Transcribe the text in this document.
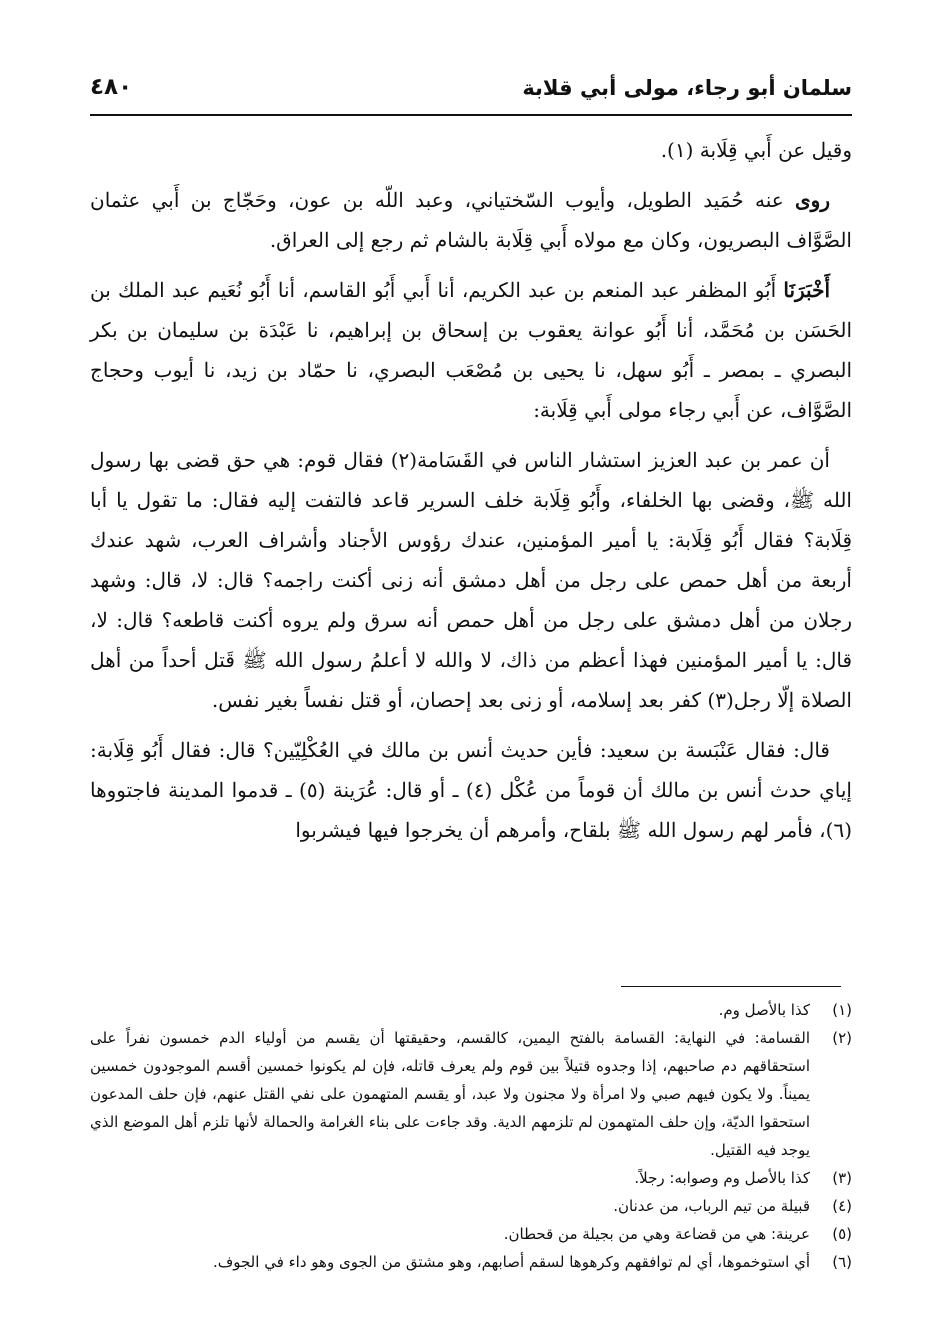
سلمان أبو رجاء، مولى أبي قلابة
٤٨٠

وقيل عن أَبي قِلَابة (١).

روى عنه حُمَيد الطويل، وأيوب السّختياني، وعبد اللّه بن عون، وحَجّاج بن أَبي عثمان الصَّوَّاف البصريون، وكان مع مولاه أَبي قِلَابة بالشام ثم رجع إلى العراق.

أَخْبَرَنَا أَبُو المظفر عبد المنعم بن عبد الكريم، أنا أَبي أَبُو القاسم، أنا أَبُو نُعَيم عبد الملك بن الحَسَن بن مُحَمَّد، أنا أَبُو عوانة يعقوب بن إسحاق بن إبراهيم، نا عَبْدَة بن سليمان بن بكر البصري ـ بمصر ـ أَبُو سهل، نا يحيى بن مُصْعَب البصري، نا حمّاد بن زيد، نا أيوب وحجاج الصَّوَّاف، عن أَبي رجاء مولى أَبي قِلَابة:

أن عمر بن عبد العزيز استشار الناس في القَسَامة(٢) فقال قوم: هي حق قضى بها رسول الله ﷺ، وقضى بها الخلفاء، وأَبُو قِلَابة خلف السرير قاعد فالتفت إليه فقال: ما تقول يا أبا قِلَابة؟ فقال أَبُو قِلَابة: يا أمير المؤمنين، عندك رؤوس الأجناد وأشراف العرب، شهد عندك أربعة من أهل حمص على رجل من أهل دمشق أنه زنى أكنت راجمه؟ قال: لا، قال: وشهد رجلان من أهل دمشق على رجل من أهل حمص أنه سرق ولم يروه أكنت قاطعه؟ قال: لا، قال: يا أمير المؤمنين فهذا أعظم من ذاك، لا والله لا أعلمُ رسول الله ﷺ قَتل أحداً من أهل الصلاة إلّا رجل(٣) كفر بعد إسلامه، أو زنى بعد إحصان، أو قتل نفساً بغير نفس.

قال: فقال عَنْبَسة بن سعيد: فأين حديث أنس بن مالك في العُكْلِيّين؟ قال: فقال أَبُو قِلَابة: إياي حدث أنس بن مالك أن قوماً من عُكْل (٤) ـ أو قال: عُرَينة (٥) ـ قدموا المدينة فاجتووها (٦)، فأمر لهم رسول الله ﷺ بلقاح، وأمرهم أن يخرجوا فيها فيشربوا

(١)
كذا بالأصل وم.
(٢)
القسامة: في النهاية: القسامة بالفتح اليمين، كالقسم، وحقيقتها أن يقسم من أولياء الدم خمسون نفراً على استحقاقهم دم صاحبهم، إذا وجدوه قتيلاً بين قوم ولم يعرف قاتله، فإن لم يكونوا خمسين أقسم الموجودون خمسين يميناً. ولا يكون فيهم صبي ولا امرأة ولا مجنون ولا عبد، أو يقسم المتهمون على نفي القتل عنهم، فإن حلف المدعون استحقوا الديّة، وإن حلف المتهمون لم تلزمهم الدية. وقد جاءت على بناء الغرامة والحمالة لأنها تلزم أهل الموضع الذي يوجد فيه القتيل.
(٣)
كذا بالأصل وم وصوابه: رجلاً.
(٤)
قبيلة من تيم الرباب، من عدنان.
(٥)
عرينة: هي من قضاعة وهي من بجيلة من قحطان.
(٦)
أي استوخموها، أي لم توافقهم وكرهوها لسقم أصابهم، وهو مشتق من الجوى وهو داء في الجوف.
